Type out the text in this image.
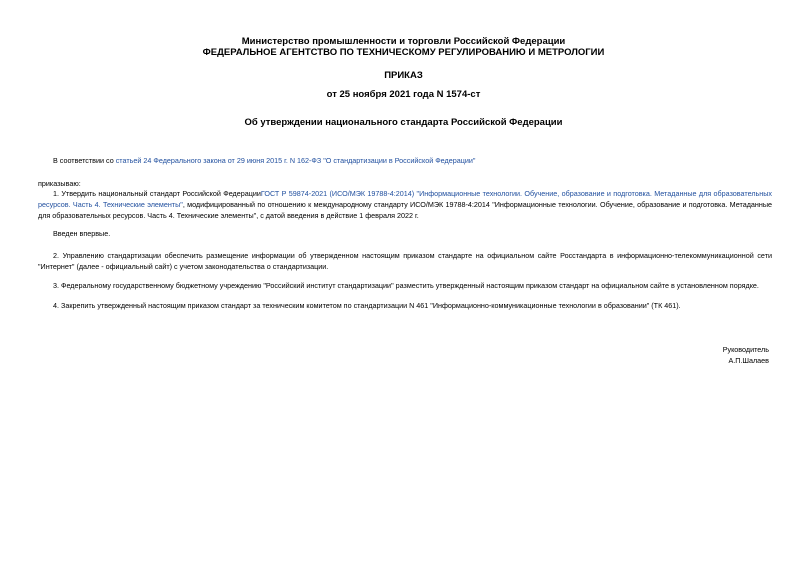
Министерство промышленности и торговли Российской Федерации
ФЕДЕРАЛЬНОЕ АГЕНТСТВО ПО ТЕХНИЧЕСКОМУ РЕГУЛИРОВАНИЮ И МЕТРОЛОГИИ
ПРИКАЗ
от 25 ноября 2021 года N 1574-ст
Об утверждении национального стандарта Российской Федерации
В соответствии со статьей 24 Федерального закона от 29 июня 2015 г. N 162-ФЗ "О стандартизации в Российской Федерации"
приказываю:
1. Утвердить национальный стандарт Российской ФедерацииГОСТ Р 59874-2021 (ИСО/МЭК 19788-4:2014) "Информационные технологии. Обучение, образование и подготовка. Метаданные для образовательных ресурсов. Часть 4. Технические элементы", модифицированный по отношению к международному стандарту ИСО/МЭК 19788-4:2014 "Информационные технологии. Обучение, образование и подготовка. Метаданные для образовательных ресурсов. Часть 4. Технические элементы", с датой введения в действие 1 февраля 2022 г.
Введен впервые.
2. Управлению стандартизации обеспечить размещение информации об утвержденном настоящим приказом стандарте на официальном сайте Росстандарта в информационно-телекоммуникационной сети "Интернет" (далее - официальный сайт) с учетом законодательства о стандартизации.
3. Федеральному государственному бюджетному учреждению "Российский институт стандартизации" разместить утвержденный настоящим приказом стандарт на официальном сайте в установленном порядке.
4. Закрепить утвержденный настоящим приказом стандарт за техническим комитетом по стандартизации N 461 "Информационно-коммуникационные технологии в образовании" (ТК 461).
Руководитель
А.П.Шалаев
